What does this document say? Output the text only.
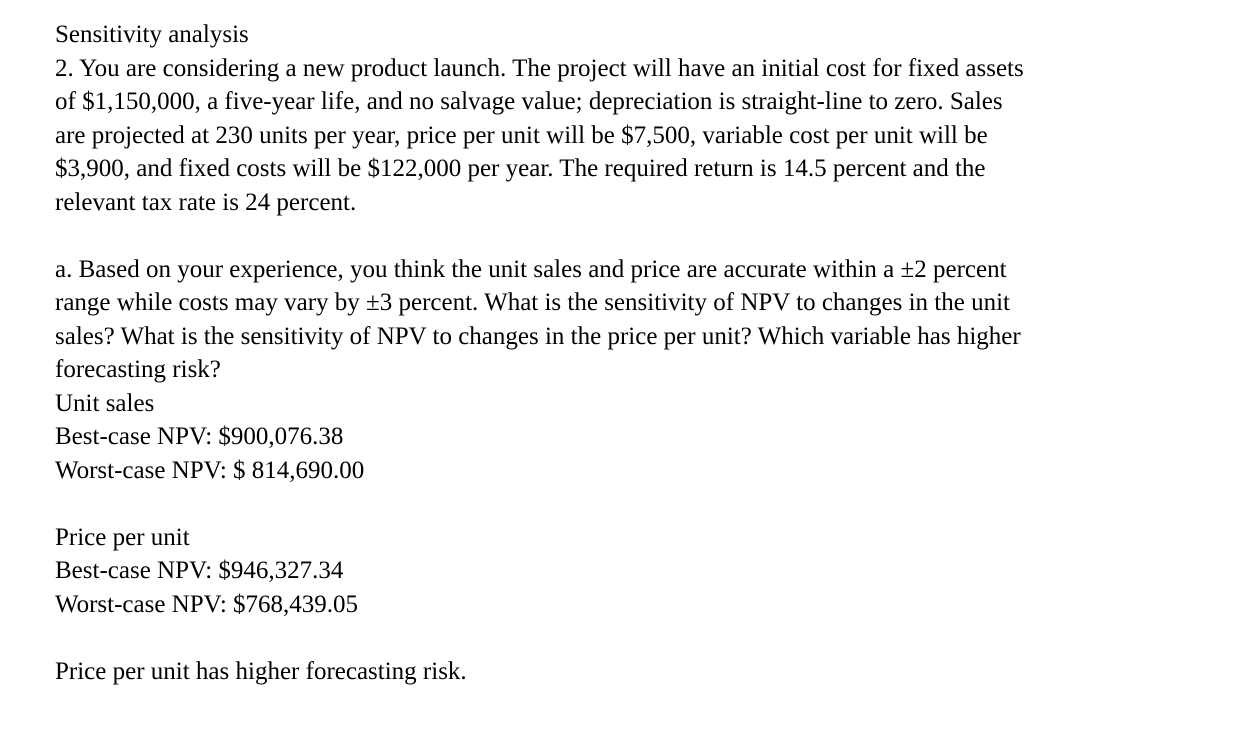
Sensitivity analysis

2. You are considering a new product launch. The project will have an initial cost for fixed assets

of $1,150,000, a five-year life, and no salvage value; depreciation is straight-line to zero. Sales

are projected at 230 units per year, price per unit will be $7,500, variable cost per unit will be

$3,900, and fixed costs will be $122,000 per year. The required return is 14.5 percent and the

relevant tax rate is 24 percent.

a. Based on your experience, you think the unit sales and price are accurate within a ±2 percent

range while costs may vary by ±3 percent. What is the sensitivity of NPV to changes in the unit

sales? What is the sensitivity of NPV to changes in the price per unit? Which variable has higher

forecasting risk?

Unit sales

Best-case NPV: $900,076.38

Worst-case NPV: $ 814,690.00

Price per unit

Best-case NPV: $946,327.34

Worst-case NPV: $768,439.05

Price per unit has higher forecasting risk.
